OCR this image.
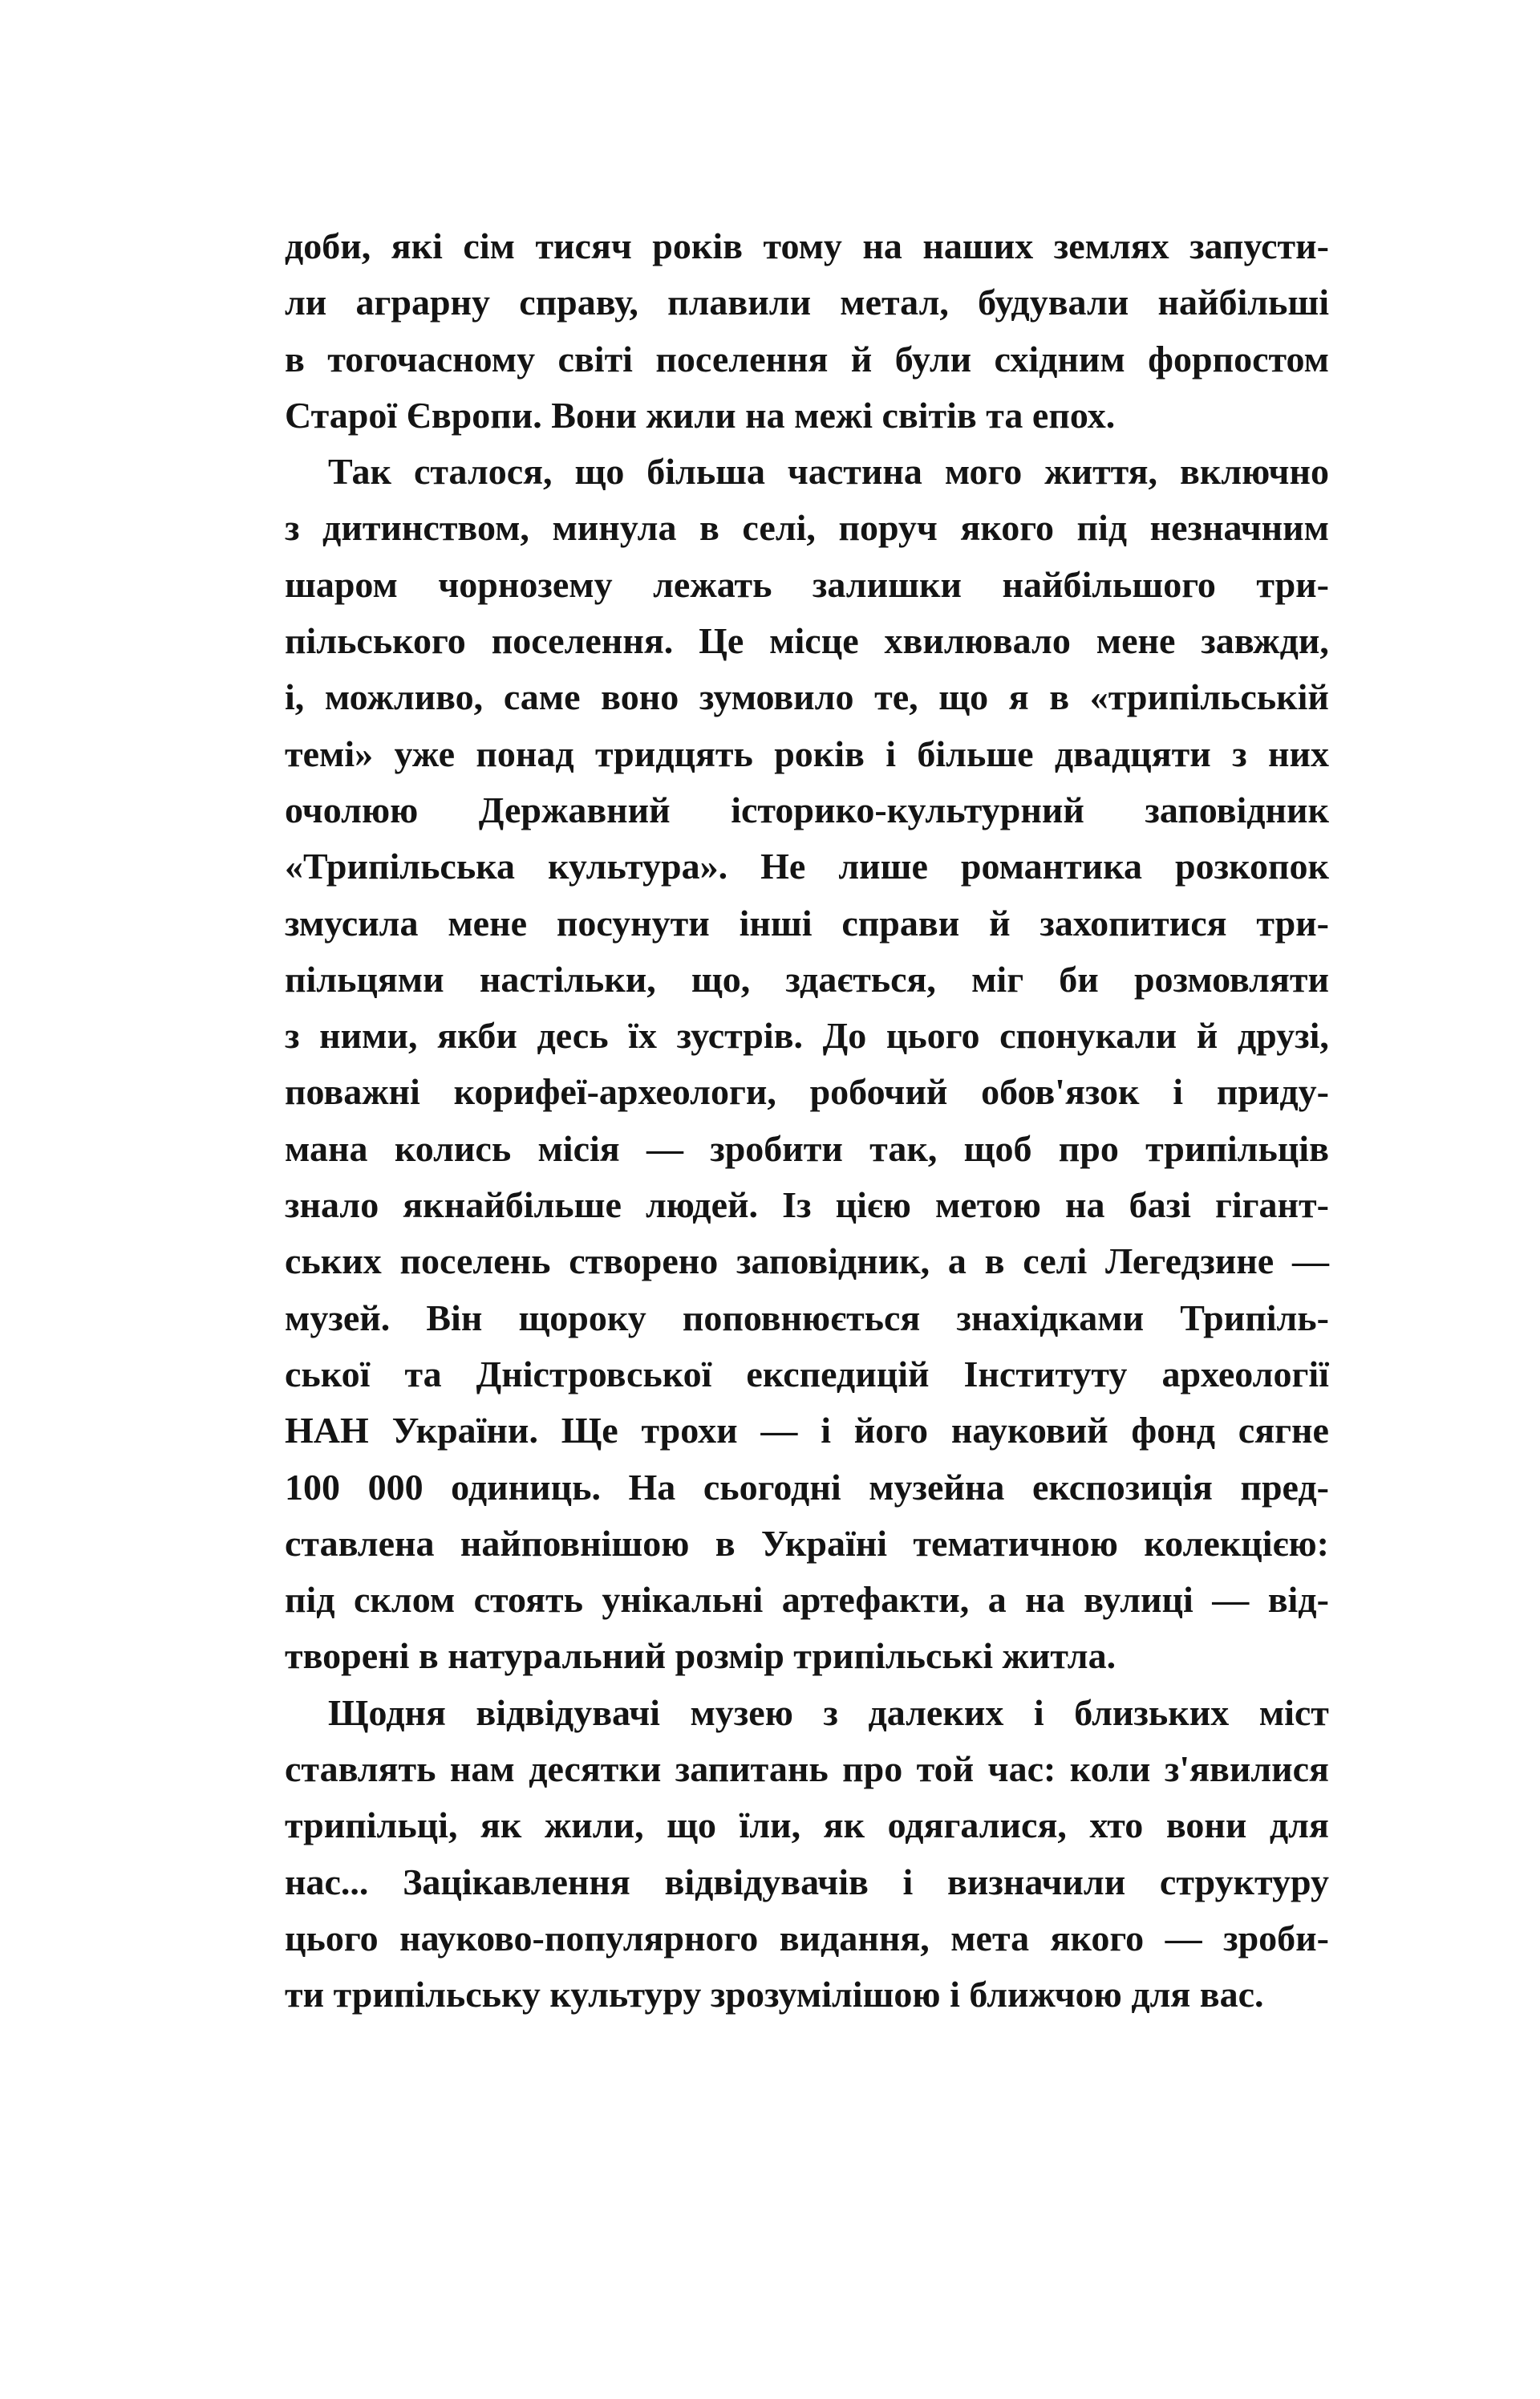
доби, які сім тисяч років тому на наших землях запусти-
ли аграрну справу, плавили метал, будували найбільші
в тогочасному світі поселення й були східним форпостом
Старої Європи. Вони жили на межі світів та епох.
Так сталося, що більша частина мого життя, включно
з дитинством, минула в селі, поруч якого під незначним
шаром чорнозему лежать залишки найбільшого три-
пільського поселення. Це місце хвилювало мене завжди,
і, можливо, саме воно зумовило те, що я в «трипільській
темі» уже понад тридцять років і більше двадцяти з них
очолюю Державний історико-культурний заповідник
«Трипільська культура». Не лише романтика розкопок
змусила мене посунути інші справи й захопитися три-
пільцями настільки, що, здається, міг би розмовляти
з ними, якби десь їх зустрів. До цього спонукали й друзі,
поважні корифеї-археологи, робочий обов'язок і приду-
мана колись місія — зробити так, щоб про трипільців
знало якнайбільше людей. Із цією метою на базі гігант-
ських поселень створено заповідник, а в селі Легедзине —
музей. Він щороку поповнюється знахідками Трипіль-
ської та Дністровської експедицій Інституту археології
НАН України. Ще трохи — і його науковий фонд сягне
100 000 одиниць. На сьогодні музейна експозиція пред-
ставлена найповнішою в Україні тематичною колекцією:
під склом стоять унікальні артефакти, а на вулиці — від-
творені в натуральний розмір трипільські житла.
Щодня відвідувачі музею з далеких і близьких міст
ставлять нам десятки запитань про той час: коли з'явилися
трипільці, як жили, що їли, як одягалися, хто вони для
нас... Зацікавлення відвідувачів і визначили структуру
цього науково-популярного видання, мета якого — зроби-
ти трипільську культуру зрозумілішою і ближчою для вас.
